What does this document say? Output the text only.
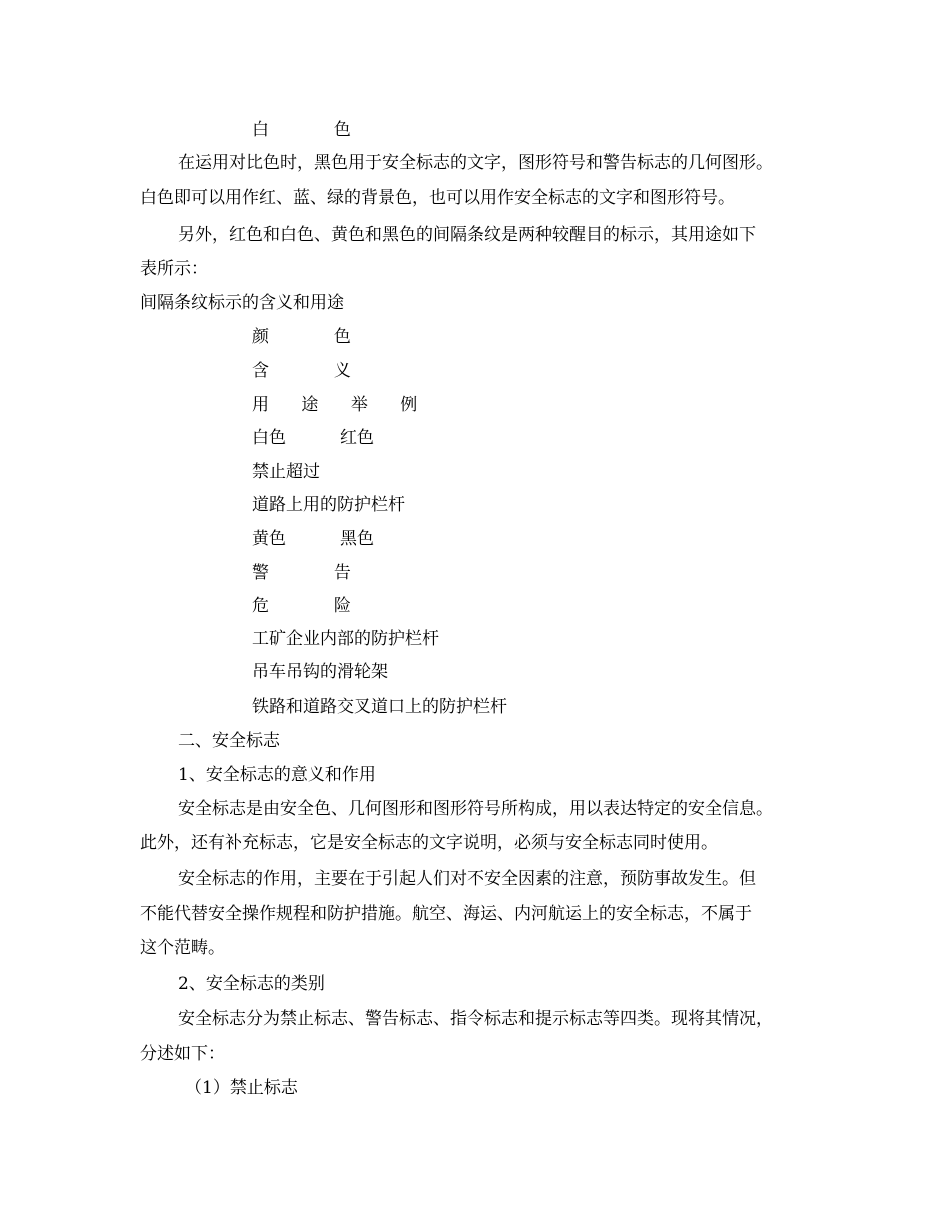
白            色
在运用对比色时，黑色用于安全标志的文字，图形符号和警告标志的几何图形。
白色即可以用作红、蓝、绿的背景色，也可以用作安全标志的文字和图形符号。
另外，红色和白色、黄色和黑色的间隔条纹是两种较醒目的标示，其用途如下
表所示：
间隔条纹标示的含义和用途
颜            色
含            义
用      途      举      例
白色          红色
禁止超过
道路上用的防护栏杆
黄色          黑色
警            告
危            险
工矿企业内部的防护栏杆
吊车吊钩的滑轮架
铁路和道路交叉道口上的防护栏杆
二、安全标志
1、安全标志的意义和作用
安全标志是由安全色、几何图形和图形符号所构成，用以表达特定的安全信息。
此外，还有补充标志，它是安全标志的文字说明，必须与安全标志同时使用。
安全标志的作用，主要在于引起人们对不安全因素的注意，预防事故发生。但
不能代替安全操作规程和防护措施。航空、海运、内河航运上的安全标志，不属于
这个范畴。
2、安全标志的类别
安全标志分为禁止标志、警告标志、指令标志和提示标志等四类。现将其情况，
分述如下：
（1）禁止标志
